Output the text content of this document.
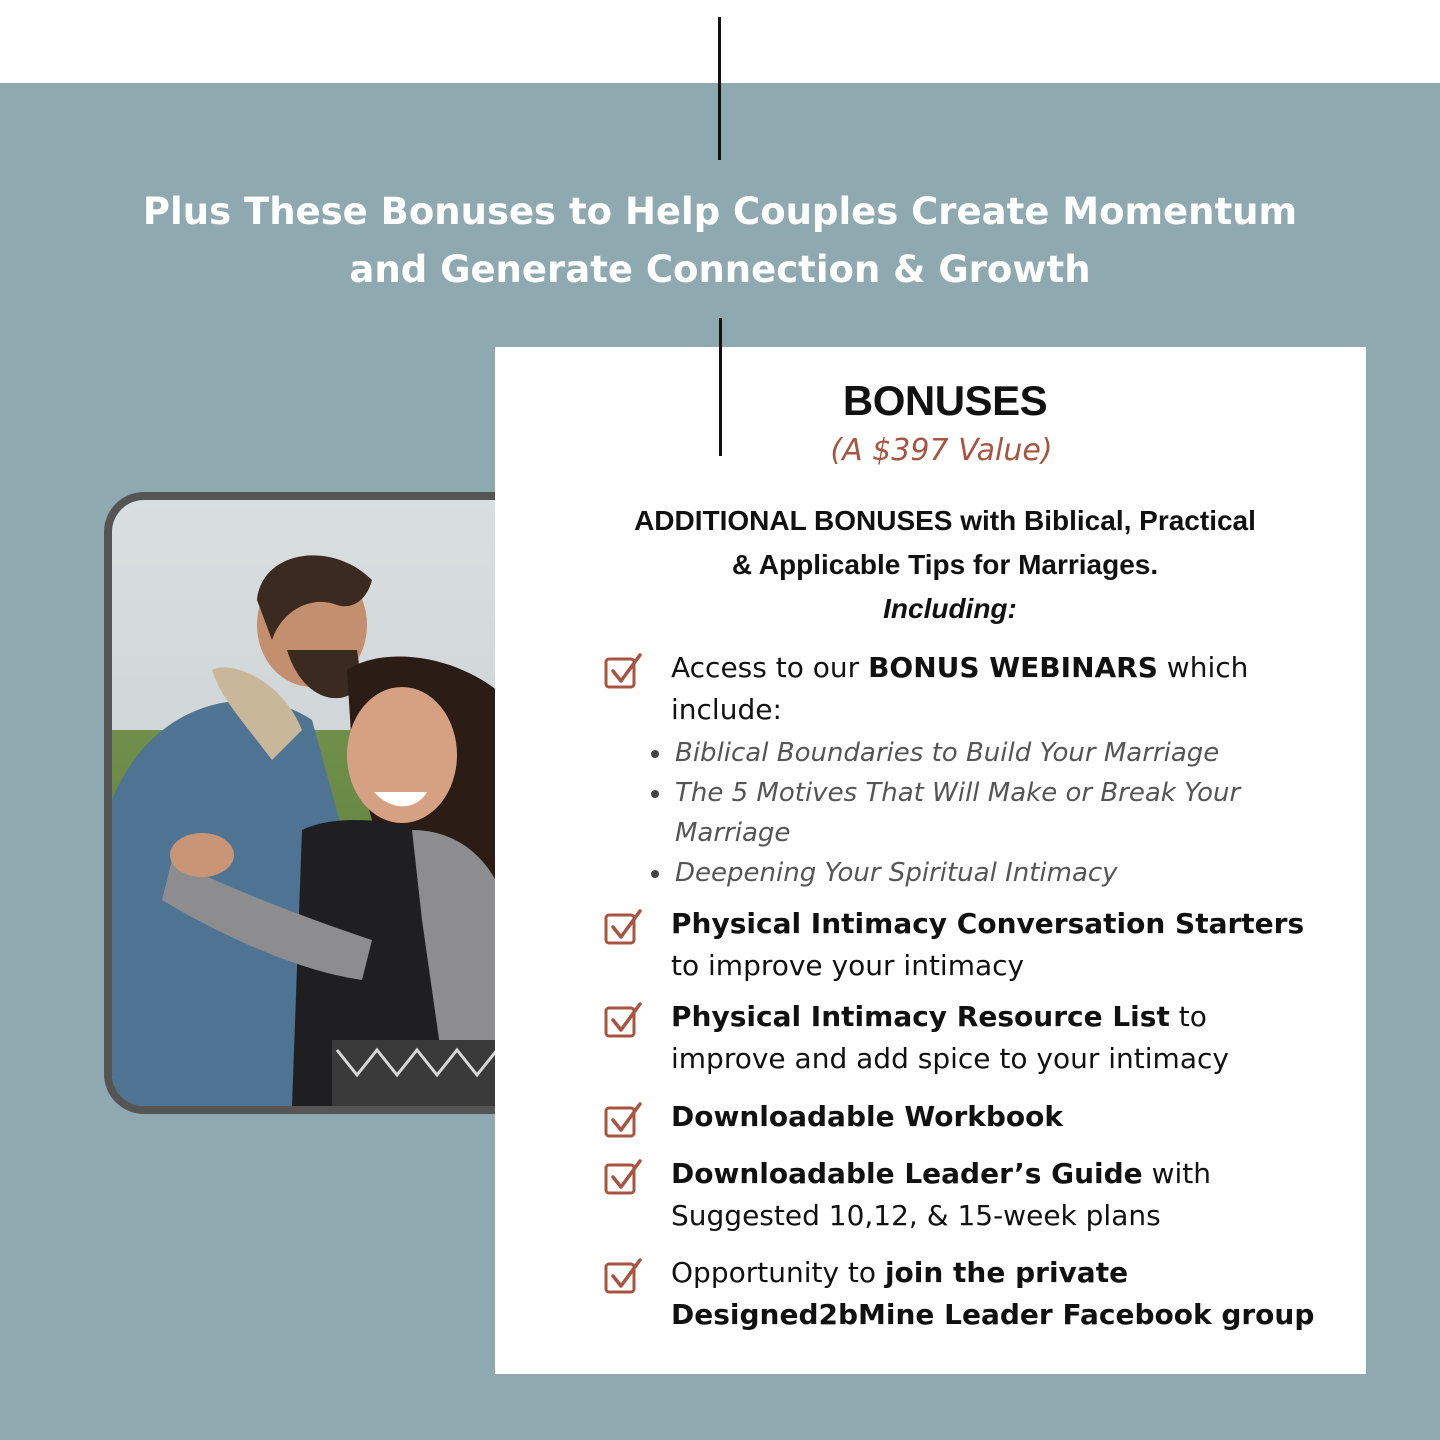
Plus These Bonuses to Help Couples Create Momentum
and Generate Connection & Growth
BONUSES
(A $397 Value)

ADDITIONAL BONUSES with Biblical, Practical
& Applicable Tips for Marriages.
Including:

Access to our BONUS WEBINARS which include:
Biblical Boundaries to Build Your Marriage
The 5 Motives That Will Make or Break Your Marriage
Deepening Your Spiritual Intimacy
Physical Intimacy Conversation Starters to improve your intimacy
Physical Intimacy Resource List to improve and add spice to your intimacy
Downloadable Workbook
Downloadable Leader’s Guide with Suggested 10,12, & 15-week plans
Opportunity to join the private Designed2bMine Leader Facebook group
